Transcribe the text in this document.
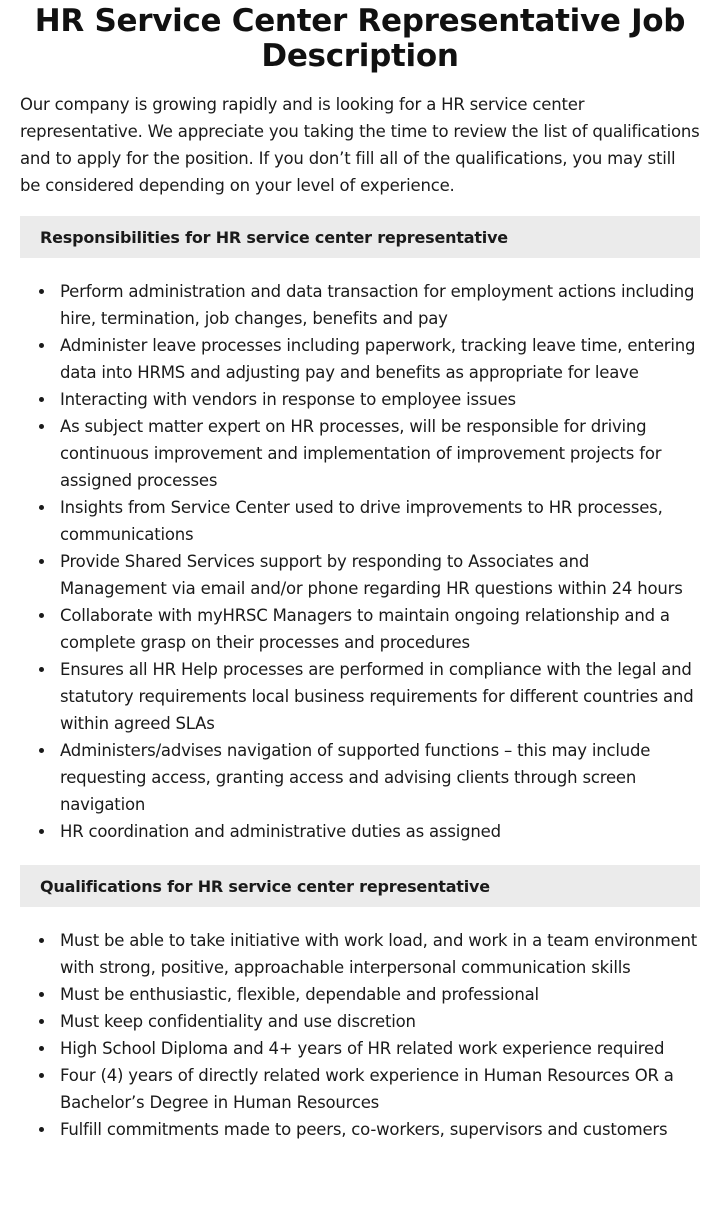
HR Service Center Representative Job Description

Our company is growing rapidly and is looking for a HR service center representative. We appreciate you taking the time to review the list of qualifications and to apply for the position. If you don’t fill all of the qualifications, you may still be considered depending on your level of experience.

Responsibilities for HR service center representative
Perform administration and data transaction for employment actions including hire, termination, job changes, benefits and pay
Administer leave processes including paperwork, tracking leave time, entering data into HRMS and adjusting pay and benefits as appropriate for leave
Interacting with vendors in response to employee issues
As subject matter expert on HR processes, will be responsible for driving continuous improvement and implementation of improvement projects for assigned processes
Insights from Service Center used to drive improvements to HR processes, communications
Provide Shared Services support by responding to Associates and Management via email and/or phone regarding HR questions within 24 hours
Collaborate with myHRSC Managers to maintain ongoing relationship and a complete grasp on their processes and procedures
Ensures all HR Help processes are performed in compliance with the legal and statutory requirements local business requirements for different countries and within agreed SLAs
Administers/advises navigation of supported functions – this may include requesting access, granting access and advising clients through screen navigation
HR coordination and administrative duties as assigned
Qualifications for HR service center representative
Must be able to take initiative with work load, and work in a team environment with strong, positive, approachable interpersonal communication skills
Must be enthusiastic, flexible, dependable and professional
Must keep confidentiality and use discretion
High School Diploma and 4+ years of HR related work experience required
Four (4) years of directly related work experience in Human Resources OR a Bachelor’s Degree in Human Resources
Fulfill commitments made to peers, co-workers, supervisors and customers
